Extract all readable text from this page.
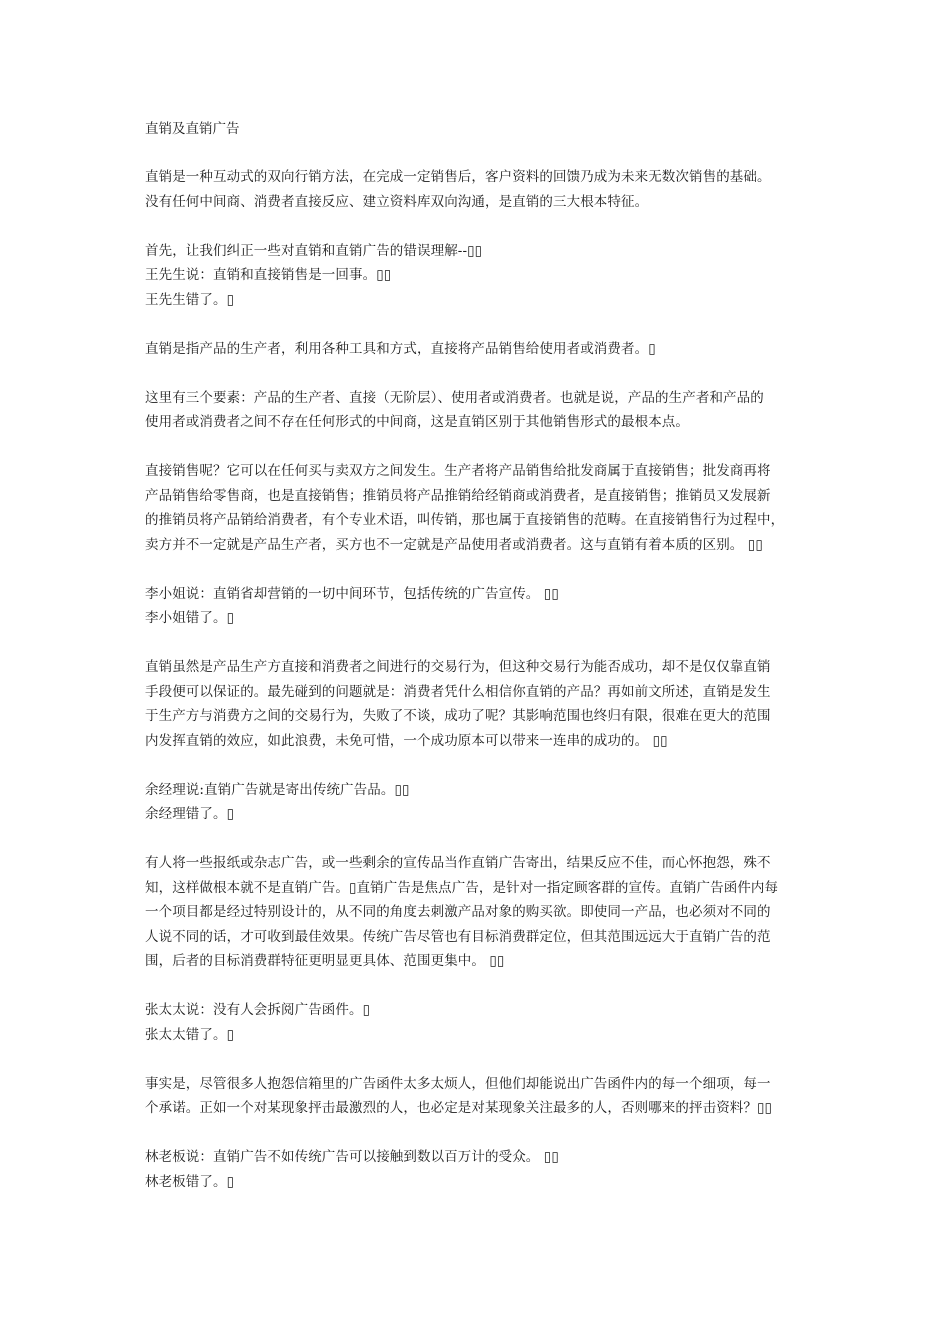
直销及直销广告
直销是一种互动式的双向行销方法，在完成一定销售后，客户资料的回馈乃成为未来无数次销售的基础。
没有任何中间商、消费者直接反应、建立资料库双向沟通，是直销的三大根本特征。
首先，让我们纠正一些对直销和直销广告的错误理解--▯▯
王先生说：直销和直接销售是一回事。▯▯
王先生错了。▯
直销是指产品的生产者，利用各种工具和方式，直接将产品销售给使用者或消费者。▯
这里有三个要素：产品的生产者、直接（无阶层）、使用者或消费者。也就是说，产品的生产者和产品的
使用者或消费者之间不存在任何形式的中间商，这是直销区别于其他销售形式的最根本点。
直接销售呢？它可以在任何买与卖双方之间发生。生产者将产品销售给批发商属于直接销售；批发商再将
产品销售给零售商，也是直接销售；推销员将产品推销给经销商或消费者，是直接销售；推销员又发展新
的推销员将产品销给消费者，有个专业术语，叫传销，那也属于直接销售的范畴。在直接销售行为过程中，
卖方并不一定就是产品生产者，买方也不一定就是产品使用者或消费者。这与直销有着本质的区别。 ▯▯
李小姐说：直销省却营销的一切中间环节，包括传统的广告宣传。 ▯▯
李小姐错了。▯
直销虽然是产品生产方直接和消费者之间进行的交易行为，但这种交易行为能否成功，却不是仅仅靠直销
手段便可以保证的。最先碰到的问题就是：消费者凭什么相信你直销的产品？再如前文所述，直销是发生
于生产方与消费方之间的交易行为，失败了不谈，成功了呢？其影响范围也终归有限，很难在更大的范围
内发挥直销的效应，如此浪费，未免可惜，一个成功原本可以带来一连串的成功的。 ▯▯
余经理说:直销广告就是寄出传统广告品。▯▯
余经理错了。▯
有人将一些报纸或杂志广告，或一些剩余的宣传品当作直销广告寄出，结果反应不佳，而心怀抱怨，殊不
知，这样做根本就不是直销广告。▯直销广告是焦点广告，是针对一指定顾客群的宣传。直销广告函件内每
一个项目都是经过特别设计的，从不同的角度去刺激产品对象的购买欲。即使同一产品，也必须对不同的
人说不同的话，才可收到最佳效果。传统广告尽管也有目标消费群定位，但其范围远远大于直销广告的范
围，后者的目标消费群特征更明显更具体、范围更集中。 ▯▯
张太太说：没有人会拆阅广告函件。▯
张太太错了。▯
事实是，尽管很多人抱怨信箱里的广告函件太多太烦人，但他们却能说出广告函件内的每一个细项，每一
个承诺。正如一个对某现象抨击最激烈的人，也必定是对某现象关注最多的人，否则哪来的抨击资料？▯▯
林老板说：直销广告不如传统广告可以接触到数以百万计的受众。 ▯▯
林老板错了。▯
